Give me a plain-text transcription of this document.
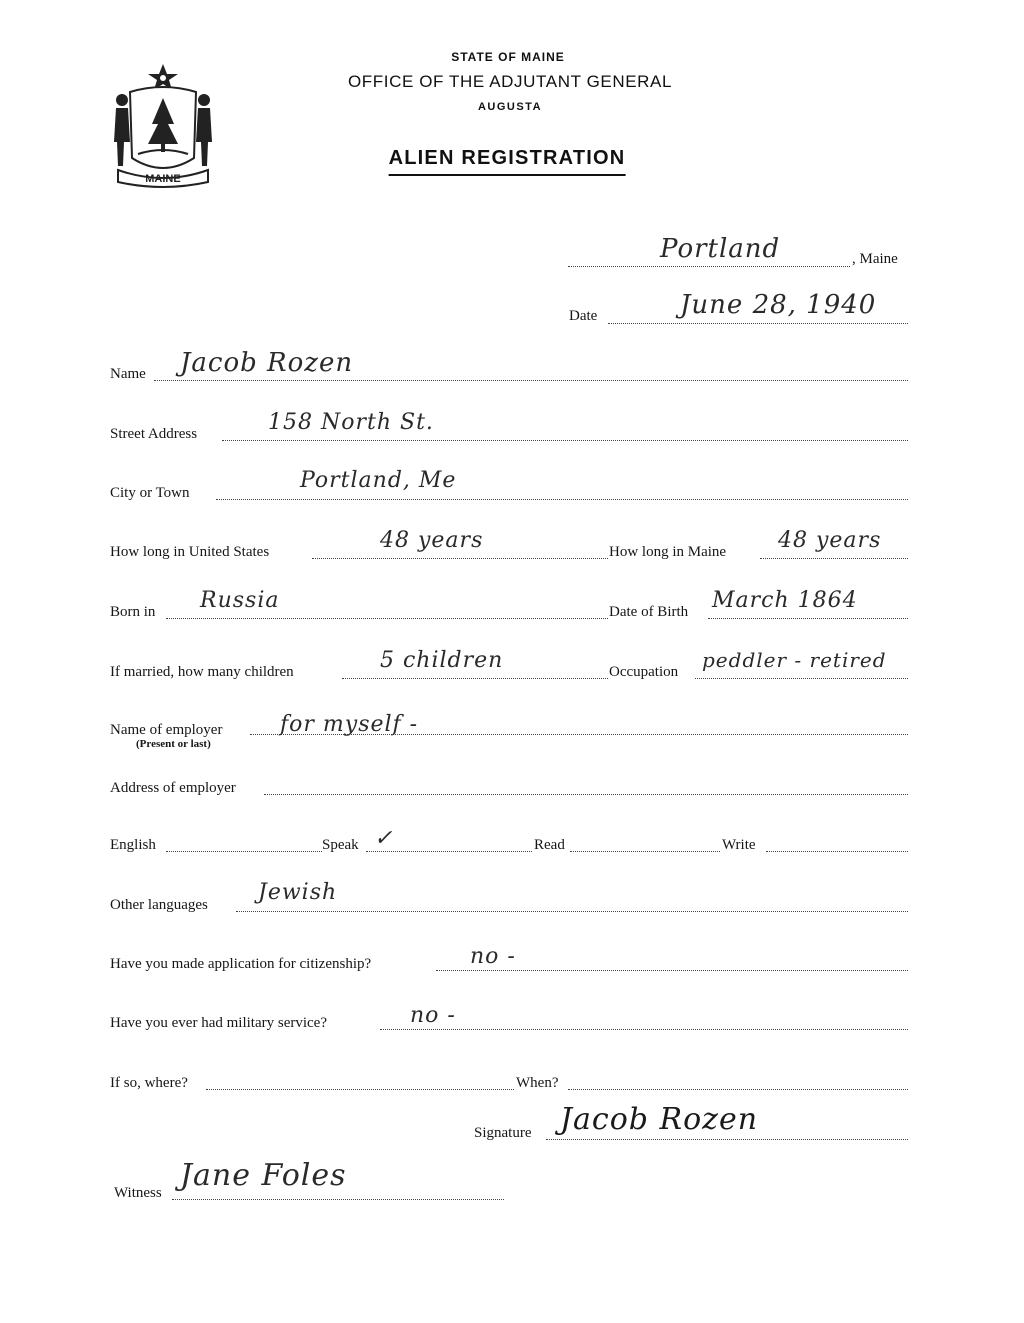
MAINE
STATE OF MAINE
OFFICE OF THE ADJUTANT GENERAL
AUGUSTA
ALIEN REGISTRATION
Portland	, Maine
Date	June 28, 1940
Name Jacob Rozen
Street Address	158 North St.
City or Town	Portland, Me
How long in United States	48 years	How long in Maine 48 years
Born in Russia	Date of Birth March 1864
If married, how many children	5 children	Occupation peddler - retired
Name of employer
(Present or last)
for myself -
Address of employer
English	Speak ✓	Read	Write
Other languages Jewish
Have you made application for citizenship?	no -
Have you ever had military service?	no -
If so, where?	When?
Signature Jacob Rozen
Witness Jane Foles
